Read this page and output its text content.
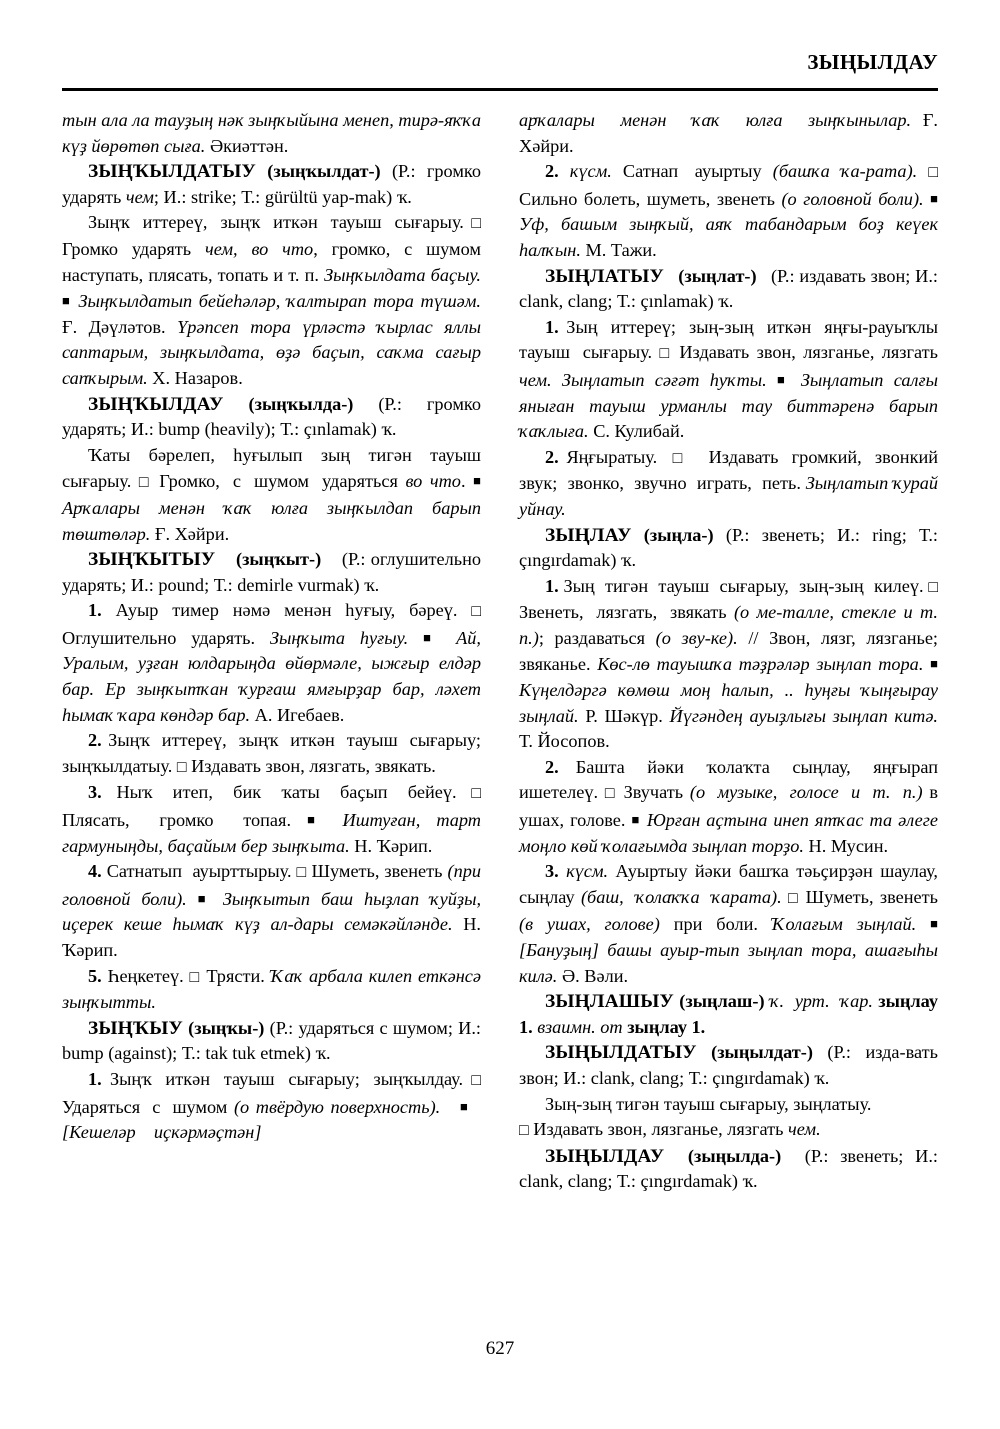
ЗЫҢЫЛДАУ

тын ала ла тауҙың нәк зыңҡыйына менеп, тирә-яҡҡа күҙ йөрөтөп сыға. Әкиәттән.

ЗЫҢҠЫЛДАТЫУ (зыңҡылдат-) (Р.: громко ударять чем; И.: strike; Т.: gürültü yap-mak) ҡ.

Зыңҡ иттереү, зыңҡ иткән тауыш сығарыу. □ Громко ударять чем, во что, громко, с шумом наступать, плясать, топать и т. п. Зыңҡылдата баҫыу. ■ Зыңҡылдатып бейеһәләр, ҡалтырап тора түшәм. Ғ. Дәүләтов. Үрәпсеп тора үрләстә ҡырлас яллы саптарым, зыңҡылдата, өҙә баҫып, саҡма сағыр сапҡырым. Х. Назаров.

ЗЫҢҠЫЛДАУ (зыңҡылда-) (Р.: громко ударять; И.: bump (heavily); Т.: çınlamak) ҡ.

Ҡаты бәрелеп, һуғылып зың тигән тауыш сығарыу. □ Громко, с шумом ударяться во что. ■ Арҡалары менән ҡаҡ юлға зыңҡылдап барып төштөләр. Ғ. Хәйри.

ЗЫҢҠЫТЫУ (зыңҡыт-) (Р.: оглушительно ударять; И.: pound; Т.: demirle vurmak) ҡ.

1. Ауыр тимер нәмә менән һуғыу, бәреү. □ Оглушительно ударять. Зыңҡыта һуғыу. ■ Ай, Уралым, уҙған юлдарыңда өйөрмәле, ыжғыр елдәр бар. Ер зыңҡытҡан ҡурғаш ямғырҙар бар, ләхет һымаҡ ҡара көндәр бар. А. Игебаев.

2. Зыңҡ иттереү, зыңҡ иткән тауыш сығарыу; зыңҡылдатыу. □ Издавать звон, лязгать, звякать.

3. Ныҡ итеп, бик ҡаты баҫып бейеү. □ Плясать, громко топая. ■ Иштуған, тарт гармуныңды, баҫайым бер зыңҡыта. Н. Ҡәрип.

4. Сатнатып ауырттырыу. □ Шуметь, звенеть (при головной боли). ■ Зыңҡытып баш һыҙлап ҡуйҙы, иҫерек кеше һымаҡ күҙ ал-дары семәкәйләнде. Н. Ҡәрип.

5. Һеңкетеү. □ Трясти. Ҡаҡ арбала килеп еткәнсә зыңҡытты.

ЗЫҢҠЫУ (зыңҡы-) (Р.: ударяться с шумом; И.: bump (against); Т.: tak tuk etmek) ҡ.

1. Зыңҡ иткән тауыш сығарыу; зыңҡылдау. □ Ударяться с шумом (о твёрдую поверхность). ■   [Кешеләр иҫкәрмәҫтән]

арҡалары менән ҡаҡ юлға зыңҡынылар. Ғ. Хәйри.

2. күсм. Сатнап ауыртыу (башҡа ҡа-рата). □ Сильно болеть, шуметь, звенеть (о головной боли). ■ Уф, башым зыңҡый, аяҡ табандарым боҙ кеүек һалҡын. М. Тажи.

ЗЫҢЛАТЫУ (зыңлат-) (Р.: издавать звон; И.: clank, clang; Т.: çınlamak) ҡ.

1. Зың иттереү; зың-зың иткән яңғы-рауыҡлы тауыш сығарыу. □ Издавать звон, лязганье, лязгать чем. Зыңлатып сәғәт һуҡты. ■ Зыңлатып салғы яныған тауыш урманлы тау биттәренә барып ҡаҡлыға. С. Кулибай.

2. Яңғыратыу. □ Издавать громкий, звонкий звук; звонко, звучно играть, петь. Зыңлатып ҡурай уйнау.

ЗЫҢЛАУ (зыңла-) (Р.: звенеть; И.: ring; Т.: çıngırdamak) ҡ.

1. Зың тигән тауыш сығарыу, зың-зың килеү. □ Звенеть, лязгать, звякать (о ме-талле, стекле и т. п.); раздаваться (о зву-ке). // Звон, лязг, лязганье; звяканье. Көс-лө тауышҡа тәҙрәләр зыңлап тора. ■ Күңелдәргә көмөш моң һалып, .. һуңғы ҡыңғырау зыңлай. Р. Шәкүр. Йүгәндең ауыҙлығы зыңлап китә. Т. Йосопов.

2. Башта йәки ҡолаҡта сыңлау, яңғырап ишетелеү. □ Звучать (о музыке, голосе и т. п.) в ушах, голове. ■ Юрған аҫтына инеп ятҡас та әлеге моңло көй ҡолағымда зыңлап торҙо. Н. Мусин.

3. күсм. Ауыртыу йәки башҡа тәьҫирҙән шаулау, сыңлау (баш, ҡолаҡҡа ҡарата). □ Шуметь, звенеть (в ушах, голове) при боли. Ҡолағым зыңлай. ■ [Бануҙың] башы ауыр-тып зыңлап тора, ашағыһы килә. Ә. Вәли.

ЗЫҢЛАШЫУ (зыңлаш-) ҡ. урт. ҡар. зыңлау 1. взаимн. от зыңлау 1.

ЗЫҢЫЛДАТЫУ (зыңылдат-) (Р.: изда-вать звон; И.: clank, clang; Т.: çıngırdamak) ҡ.

Зың-зың тигән тауыш сығарыу, зыңлатыу.

□ Издавать звон, лязганье, лязгать чем.

ЗЫҢЫЛДАУ (зыңылда-) (Р.: звенеть; И.: clank, clang; Т.: çıngırdamak) ҡ.

627
